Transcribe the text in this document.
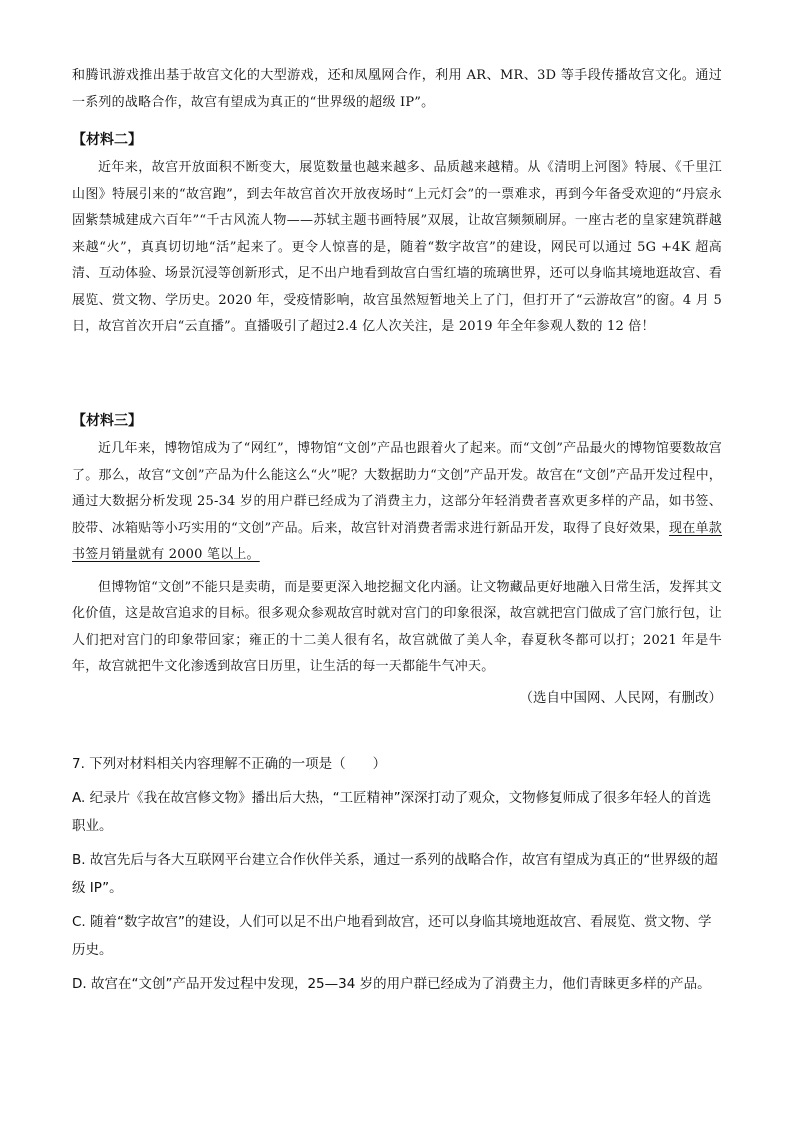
和腾讯游戏推出基于故宫文化的大型游戏，还和凤凰网合作，利用 AR、MR、3D 等手段传播故宫文化。通过一系列的战略合作，故宫有望成为真正的“世界级的超级 IP”。

【材料二】

近年来，故宫开放面积不断变大，展览数量也越来越多、品质越来越精。从《清明上河图》特展、《千里江山图》特展引来的“故宫跑”，到去年故宫首次开放夜场时“上元灯会”的一票难求，再到今年备受欢迎的“丹宸永固紫禁城建成六百年”“千古风流人物——苏轼主题书画特展”双展，让故宫频频刷屏。一座古老的皇家建筑群越来越“火”，真真切切地“活”起来了。更令人惊喜的是，随着“数字故宫”的建设，网民可以通过 5G +4K 超高清、互动体验、场景沉浸等创新形式，足不出户地看到故宫白雪红墙的琉璃世界，还可以身临其境地逛故宫、看展览、赏文物、学历史。2020 年，受疫情影响，故宫虽然短暂地关上了门，但打开了“云游故宫”的窗。4 月 5 日，故宫首次开启“云直播”。直播吸引了超过2.4 亿人次关注，是 2019 年全年参观人数的 12 倍！

【材料三】

近几年来，博物馆成为了“网红”，博物馆“文创”产品也跟着火了起来。而“文创”产品最火的博物馆要数故宫了。那么，故宫“文创”产品为什么能这么“火”呢？大数据助力“文创”产品开发。故宫在“文创”产品开发过程中，通过大数据分析发现 25-34 岁的用户群已经成为了消费主力，这部分年轻消费者喜欢更多样的产品，如书签、胶带、冰箱贴等小巧实用的“文创”产品。后来，故宫针对消费者需求进行新品开发，取得了良好效果，现在单款书签月销量就有 2000 笔以上。

但博物馆“文创”不能只是卖萌，而是要更深入地挖掘文化内涵。让文物藏品更好地融入日常生活，发挥其文化价值，这是故宫追求的目标。很多观众参观故宫时就对宫门的印象很深，故宫就把宫门做成了宫门旅行包，让人们把对宫门的印象带回家；雍正的十二美人很有名，故宫就做了美人伞，春夏秋冬都可以打；2021 年是牛年，故宫就把牛文化渗透到故宫日历里，让生活的每一天都能牛气冲天。

（选自中国网、人民网，有删改）

7. 下列对材料相关内容理解不正确的一项是（　　）

A. 纪录片《我在故宫修文物》播出后大热，“工匠精神”深深打动了观众，文物修复师成了很多年轻人的首选职业。

B. 故宫先后与各大互联网平台建立合作伙伴关系，通过一系列的战略合作，故宫有望成为真正的“世界级的超级 IP”。

C. 随着“数字故宫”的建设，人们可以足不出户地看到故宫，还可以身临其境地逛故宫、看展览、赏文物、学历史。

D. 故宫在“文创”产品开发过程中发现，25—34 岁的用户群已经成为了消费主力，他们青睐更多样的产品。
